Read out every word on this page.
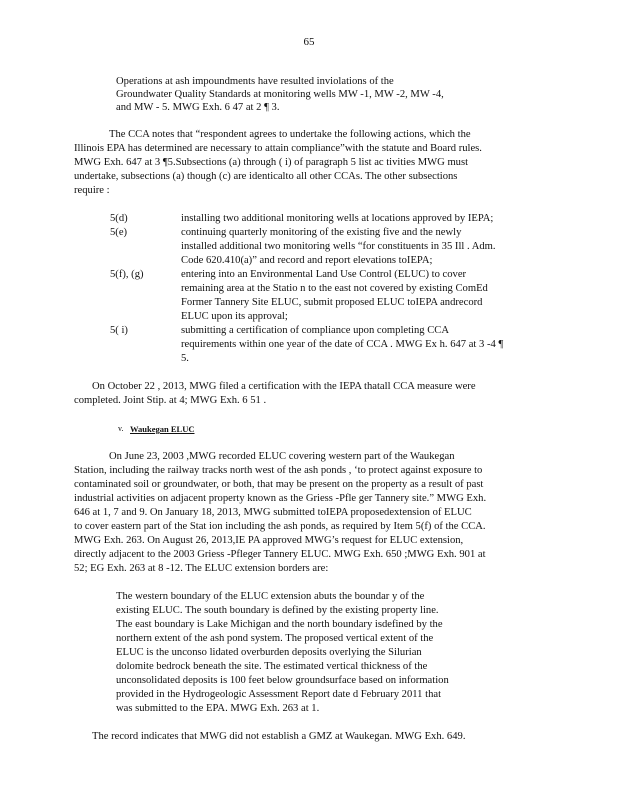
65
Operations at ash impoundments have resulted inviolations of the
Groundwater Quality Standards at monitoring wells MW -1, MW -2, MW -4,
and MW - 5. MWG Exh. 6 47 at 2 ¶ 3.
The CCA notes that “respondent agrees to undertake the following actions, which the
Illinois EPA has determined are necessary to attain compliance”with the statute and Board rules.
MWG Exh. 647 at 3 ¶5.Subsections (a) through ( i) of paragraph 5 list ac tivities MWG must
undertake, subsections (a) though (c) are identicalto all other CCAs. The other subsections
require :
5(d)	installing two additional monitoring wells at locations approved by IEPA;
5(e)	continuing quarterly monitoring of the existing five and the newly
installed additional two monitoring wells “for constituents in 35 Ill . Adm.
Code 620.410(a)” and record and report elevations toIEPA;
5(f), (g)	entering into an Environmental Land Use Control (ELUC) to cover
remaining area at the Statio n to the east not covered by existing ComEd
Former Tannery Site ELUC, submit proposed ELUC toIEPA andrecord
ELUC upon its approval;
5( i)	submitting a certification of compliance upon completing CCA
requirements within one year of the date of CCA . MWG Ex h. 647 at 3 -4 ¶
5.
On October 22 , 2013, MWG filed a certification with the IEPA thatall CCA measure were
completed. Joint Stip. at 4; MWG Exh. 6 51 .
v. Waukegan ELUC
On June 23, 2003 ,MWG recorded ELUC covering western part of the Waukegan
Station, including the railway tracks north west of the ash ponds , ‘to protect against exposure to
contaminated soil or groundwater, or both, that may be present on the property as a result of past
industrial activities on adjacent property known as the Griess -Pfle ger Tannery site.” MWG Exh.
646 at 1, 7 and 9. On January 18, 2013, MWG submitted toIEPA proposedextension of ELUC
to cover eastern part of the Stat ion including the ash ponds, as required by Item 5(f) of the CCA.
MWG Exh. 263. On August 26, 2013,IE PA approved MWG’s request for ELUC extension,
directly adjacent to the 2003 Griess -Pfleger Tannery ELUC. MWG Exh. 650 ;MWG Exh. 901 at
52; EG Exh. 263 at 8 -12. The ELUC extension borders are:
The western boundary of the ELUC extension abuts the boundar y of the
existing ELUC. The south boundary is defined by the existing property line.
The east boundary is Lake Michigan and the north boundary isdefined by the
northern extent of the ash pond system. The proposed vertical extent of the
ELUC is the unconso lidated overburden deposits overlying the Silurian
dolomite bedrock beneath the site. The estimated vertical thickness of the
unconsolidated deposits is 100 feet below groundsurface based on information
provided in the Hydrogeologic Assessment Report date d February 2011 that
was submitted to the EPA. MWG Exh. 263 at 1.
The record indicates that MWG did not establish a GMZ at Waukegan. MWG Exh. 649.
